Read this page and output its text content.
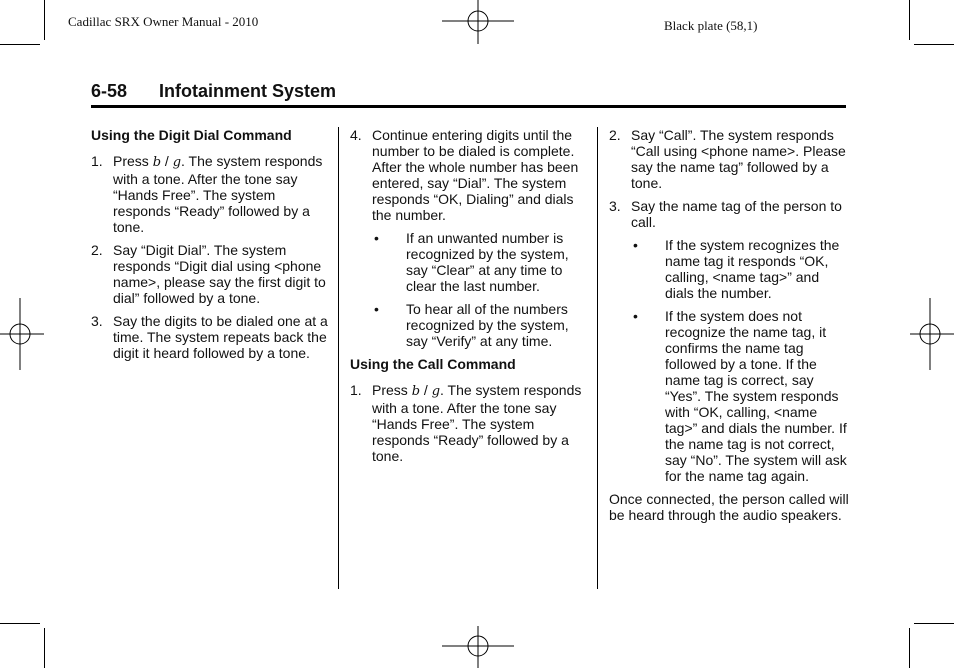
Cadillac SRX Owner Manual - 2010	Black plate (58,1)
6-58 Infotainment System
Using the Digit Dial Command
1. Press b / g. The system responds with a tone. After the tone say “Hands Free”. The system responds “Ready” followed by a tone.
2. Say “Digit Dial”. The system responds “Digit dial using <phone name>, please say the first digit to dial” followed by a tone.
3. Say the digits to be dialed one at a time. The system repeats back the digit it heard followed by a tone.
4. Continue entering digits until the number to be dialed is complete. After the whole number has been entered, say “Dial”. The system responds “OK, Dialing” and dials the number.
•	If an unwanted number is recognized by the system, say “Clear” at any time to clear the last number.
•	To hear all of the numbers recognized by the system, say “Verify” at any time.
Using the Call Command
1. Press b / g. The system responds with a tone. After the tone say “Hands Free”. The system responds “Ready” followed by a tone.
2. Say “Call”. The system responds “Call using <phone name>. Please say the name tag” followed by a tone.
3. Say the name tag of the person to call.
•	If the system recognizes the name tag it responds “OK, calling, <name tag>” and dials the number.
•	If the system does not recognize the name tag, it confirms the name tag followed by a tone. If the name tag is correct, say “Yes”. The system responds with “OK, calling, <name tag>” and dials the number. If the name tag is not correct, say “No”. The system will ask for the name tag again.
Once connected, the person called will be heard through the audio speakers.
